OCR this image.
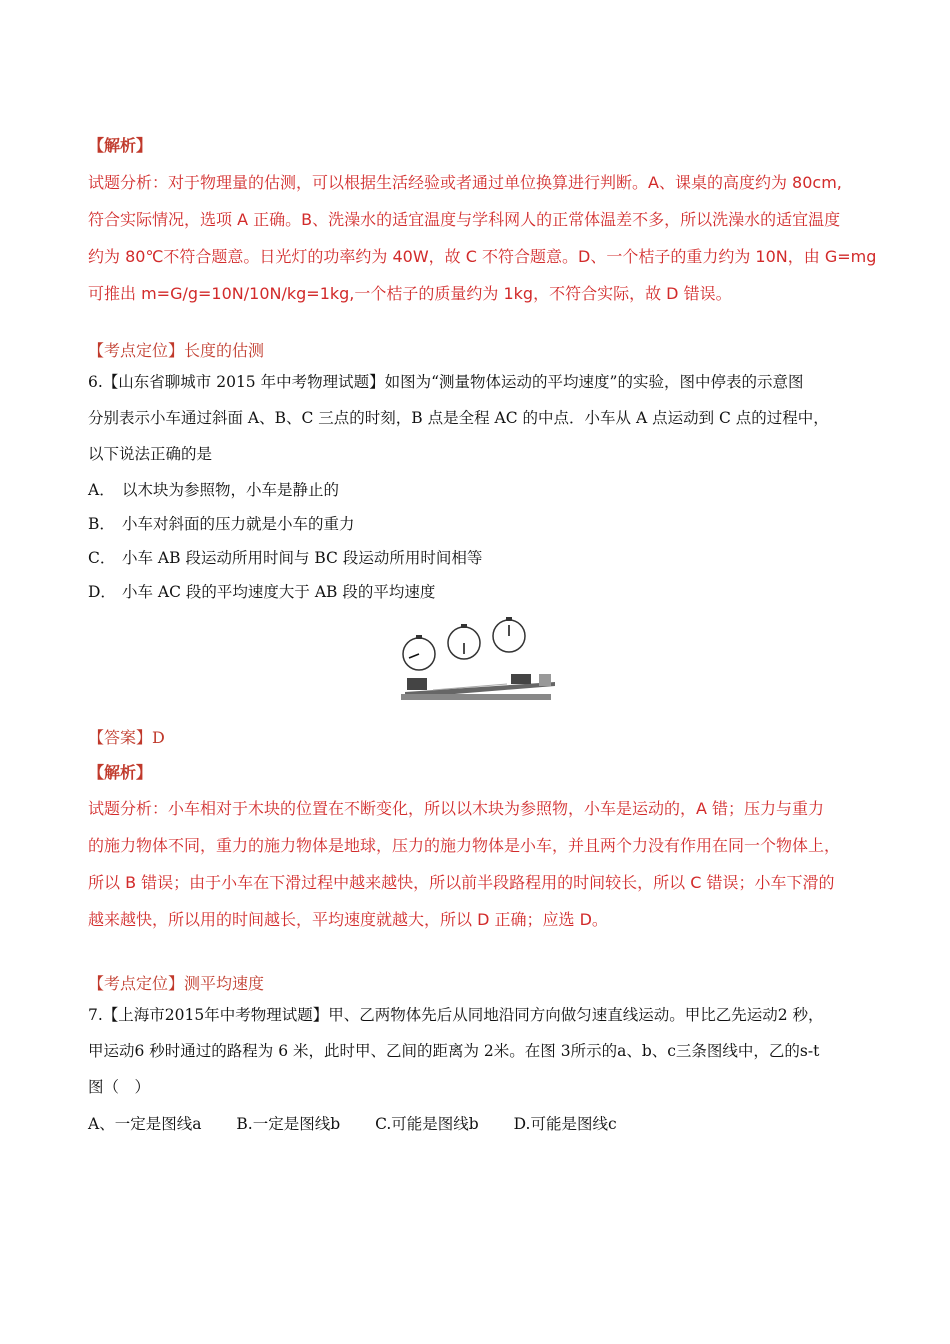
【解析】
试题分析：对于物理量的估测，可以根据生活经验或者通过单位换算进行判断。A、课桌的高度约为 80cm,
符合实际情况，选项 A 正确。B、洗澡水的适宜温度与学科网人的正常体温差不多，所以洗澡水的适宜温度
约为 80℃不符合题意。日光灯的功率约为 40W，故 C 不符合题意。D、一个桔子的重力约为 10N，由 G=mg
可推出 m=G/g=10N/10N/kg=1kg,一个桔子的质量约为 1kg，不符合实际，故 D 错误。
【考点定位】长度的估测
6.【山东省聊城市 2015 年中考物理试题】如图为“测量物体运动的平均速度”的实验，图中停表的示意图
分别表示小车通过斜面 A、B、C 三点的时刻，B 点是全程 AC 的中点．小车从 A 点运动到 C 点的过程中，
以下说法正确的是
A． 以木块为参照物，小车是静止的
B． 小车对斜面的压力就是小车的重力
C． 小车 AB 段运动所用时间与 BC 段运动所用时间相等
D． 小车 AC 段的平均速度大于 AB 段的平均速度
【答案】D
【解析】
试题分析：小车相对于木块的位置在不断变化，所以以木块为参照物，小车是运动的，A 错；压力与重力
的施力物体不同，重力的施力物体是地球，压力的施力物体是小车，并且两个力没有作用在同一个物体上，
所以 B 错误；由于小车在下滑过程中越来越快，所以前半段路程用的时间较长，所以 C 错误；小车下滑的
越来越快，所以用的时间越长，平均速度就越大，所以 D 正确；应选 D。
【考点定位】测平均速度
7.【上海市2015年中考物理试题】甲、乙两物体先后从同地沿同方向做匀速直线运动。甲比乙先运动2 秒，
甲运动6 秒时通过的路程为 6 米，此时甲、乙间的距离为 2米。在图 3所示的a、b、c三条图线中，乙的s-t
图（　）
A、一定是图线a B.一定是图线b C.可能是图线b D.可能是图线c
